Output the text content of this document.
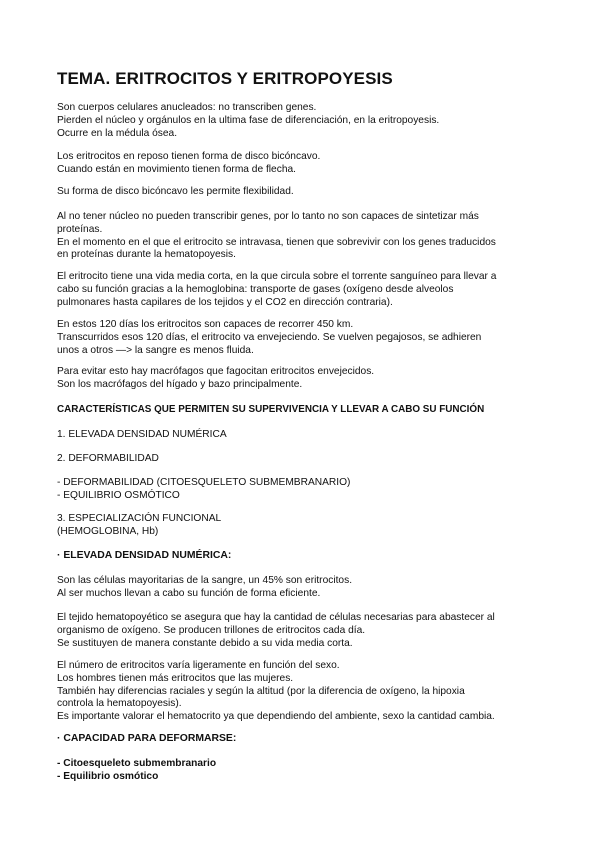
TEMA. ERITROCITOS Y ERITROPOYESIS
Son cuerpos celulares anucleados: no transcriben genes.
Pierden el núcleo y orgánulos en la ultima fase de diferenciación, en la eritropoyesis.
Ocurre en la médula ósea.
Los eritrocitos en reposo tienen forma de disco bicóncavo.
Cuando están en movimiento tienen forma de flecha.
Su forma de disco bicóncavo les permite flexibilidad.
Al no tener núcleo no pueden transcribir genes, por lo tanto no son capaces de sintetizar más
proteínas.
En el momento en el que el eritrocito se intravasa, tienen que sobrevivir con los genes traducidos
en proteínas durante la hematopoyesis.
El eritrocito tiene una vida media corta, en la que circula sobre el torrente sanguíneo para llevar a
cabo su función gracias a la hemoglobina: transporte de gases (oxígeno desde alveolos
pulmonares hasta capilares de los tejidos y el CO2 en dirección contraria).
En estos 120 días los eritrocitos son capaces de recorrer 450 km.
Transcurridos esos 120 días, el eritrocito va envejeciendo. Se vuelven pegajosos, se adhieren
unos a otros —> la sangre es menos fluida.
Para evitar esto hay macrófagos que fagocitan eritrocitos envejecidos.
Son los macrófagos del hígado y bazo principalmente.
CARACTERÍSTICAS QUE PERMITEN SU SUPERVIVENCIA Y LLEVAR A CABO SU FUNCIÓN
1. ELEVADA DENSIDAD NUMÉRICA
2. DEFORMABILIDAD
- DEFORMABILIDAD (CITOESQUELETO SUBMEMBRANARIO)
- EQUILIBRIO OSMÓTICO
3. ESPECIALIZACIÓN FUNCIONAL
(HEMOGLOBINA, Hb)
· ELEVADA DENSIDAD NUMÉRICA:
Son las células mayoritarias de la sangre, un 45% son eritrocitos.
Al ser muchos llevan a cabo su función de forma eficiente.
El tejido hematopoyético se asegura que hay la cantidad de células necesarias para abastecer al
organismo de oxígeno. Se producen trillones de eritrocitos cada día.
Se sustituyen de manera constante debido a su vida media corta.
El número de eritrocitos varía ligeramente en función del sexo.
Los hombres tienen más eritrocitos que las mujeres.
También hay diferencias raciales y según la altitud (por la diferencia de oxígeno, la hipoxia
controla la hematopoyesis).
Es importante valorar el hematocrito ya que dependiendo del ambiente, sexo la cantidad cambia.
· CAPACIDAD PARA DEFORMARSE:
- Citoesqueleto submembranario
- Equilibrio osmótico
